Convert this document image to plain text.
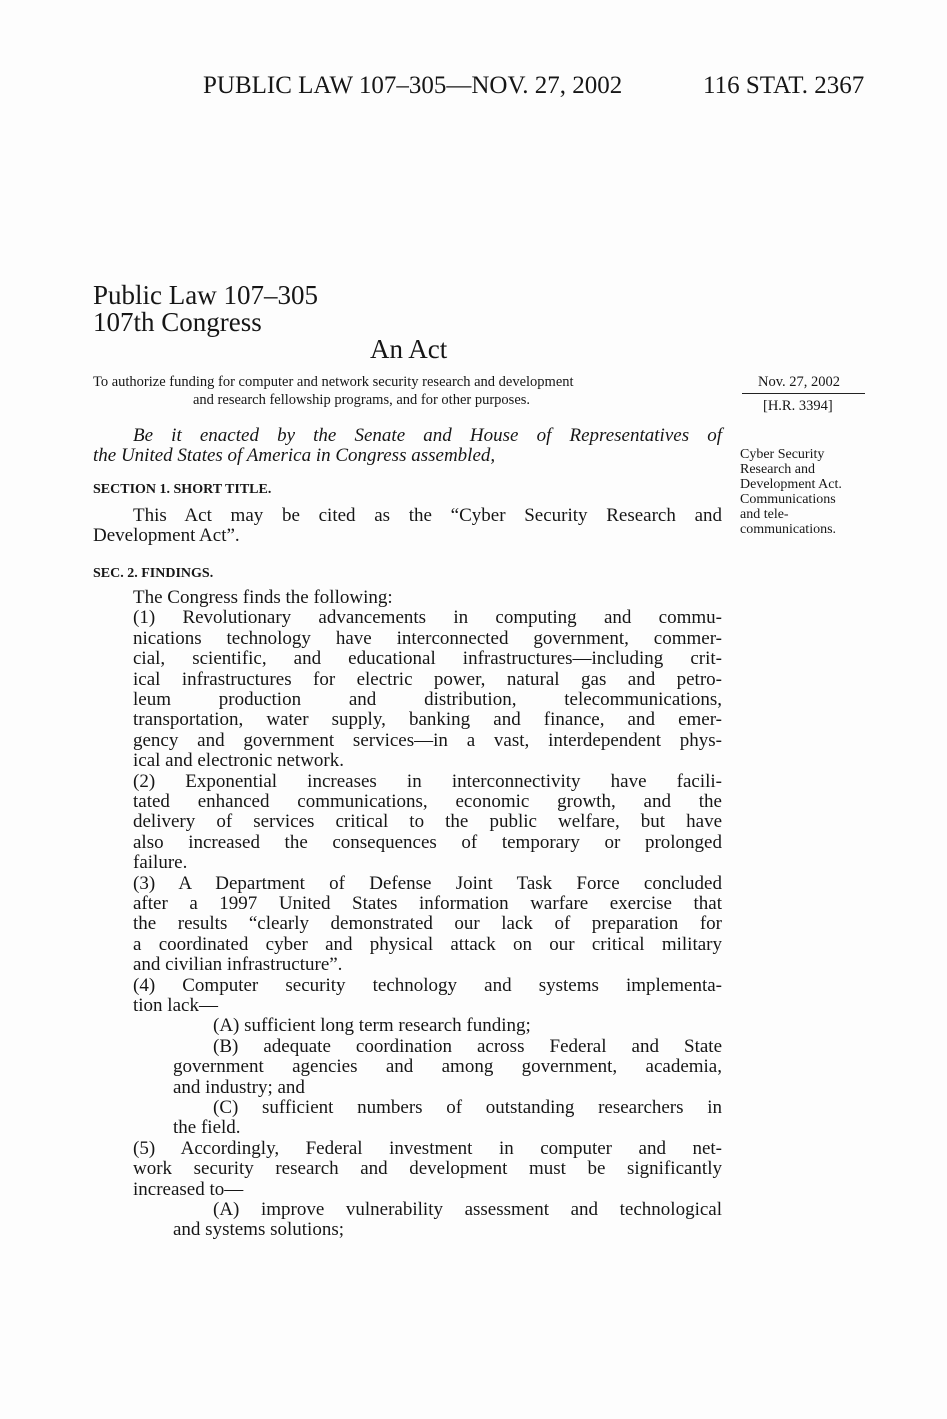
PUBLIC LAW 107–305—NOV. 27, 2002	116 STAT. 2367
Public Law 107–305
107th Congress
An Act
To authorize funding for computer and network security research and development
and research fellowship programs, and for other purposes.
Nov. 27, 2002
[H.R. 3394]
Be it enacted by the Senate and House of Representatives of
the United States of America in Congress assembled,
SECTION 1. SHORT TITLE.
This Act may be cited as the “Cyber Security Research and
Development Act”.
Cyber Security
Research and
Development Act.
Communications
and tele-
communications.
SEC. 2. FINDINGS.
The Congress finds the following:
(1) Revolutionary advancements in computing and commu-
nications technology have interconnected government, commer-
cial, scientific, and educational infrastructures—including crit-
ical infrastructures for electric power, natural gas and petro-
leum production and distribution, telecommunications,
transportation, water supply, banking and finance, and emer-
gency and government services—in a vast, interdependent phys-
ical and electronic network.
(2) Exponential increases in interconnectivity have facili-
tated enhanced communications, economic growth, and the
delivery of services critical to the public welfare, but have
also increased the consequences of temporary or prolonged
failure.
(3) A Department of Defense Joint Task Force concluded
after a 1997 United States information warfare exercise that
the results “clearly demonstrated our lack of preparation for
a coordinated cyber and physical attack on our critical military
and civilian infrastructure”.
(4) Computer security technology and systems implementa-
tion lack—
(A) sufficient long term research funding;
(B) adequate coordination across Federal and State
government agencies and among government, academia,
and industry; and
(C) sufficient numbers of outstanding researchers in
the field.
(5) Accordingly, Federal investment in computer and net-
work security research and development must be significantly
increased to—
(A) improve vulnerability assessment and technological
and systems solutions;
